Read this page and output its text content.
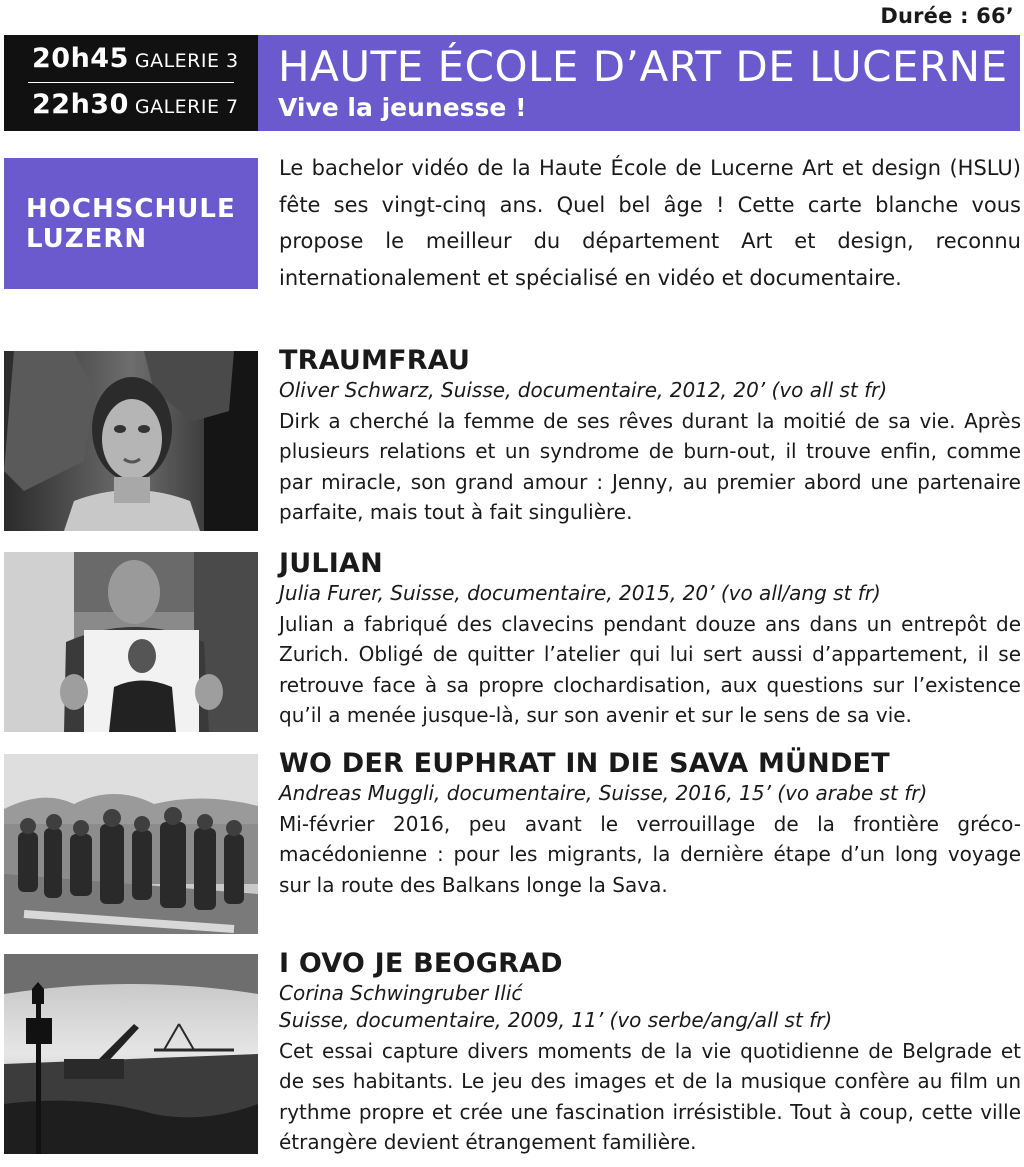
Durée : 66’
20h45 GALERIE 3
22h30 GALERIE 7
HAUTE ÉCOLE D’ART DE LUCERNE
Vive la jeunesse !
HOCHSCHULE
LUZERN

Le bachelor vidéo de la Haute École de Lucerne Art et design (HSLU) fête ses vingt-cinq ans. Quel bel âge ! Cette carte blanche vous propose le meilleur du département Art et design, reconnu internationalement et spécialisé en vidéo et documentaire.

TRAUMFRAU
Oliver Schwarz, Suisse, documentaire, 2012, 20’ (vo all st fr)

Dirk a cherché la femme de ses rêves durant la moitié de sa vie. Après plusieurs relations et un syndrome de burn-out, il trouve enfin, comme par miracle, son grand amour : Jenny, au premier abord une partenaire parfaite, mais tout à fait singulière.

JULIAN
Julia Furer, Suisse, documentaire, 2015, 20’ (vo all/ang st fr)

Julian a fabriqué des clavecins pendant douze ans dans un entrepôt de Zurich. Obligé de quitter l’atelier qui lui sert aussi d’appartement, il se retrouve face à sa propre clochardisation, aux questions sur l’existence qu’il a menée jusque-là, sur son avenir et sur le sens de sa vie.

WO DER EUPHRAT IN DIE SAVA MÜNDET
Andreas Muggli, documentaire, Suisse, 2016, 15’ (vo arabe st fr)

Mi-février 2016, peu avant le verrouillage de la frontière gréco-macédonienne : pour les migrants, la dernière étape d’un long voyage sur la route des Balkans longe la Sava.

I OVO JE BEOGRAD
Corina Schwingruber Ilić
Suisse, documentaire, 2009, 11’ (vo serbe/ang/all st fr)

Cet essai capture divers moments de la vie quotidienne de Belgrade et de ses habitants. Le jeu des images et de la musique confère au film un rythme propre et crée une fascination irrésistible. Tout à coup, cette ville étrangère devient étrangement familière.
